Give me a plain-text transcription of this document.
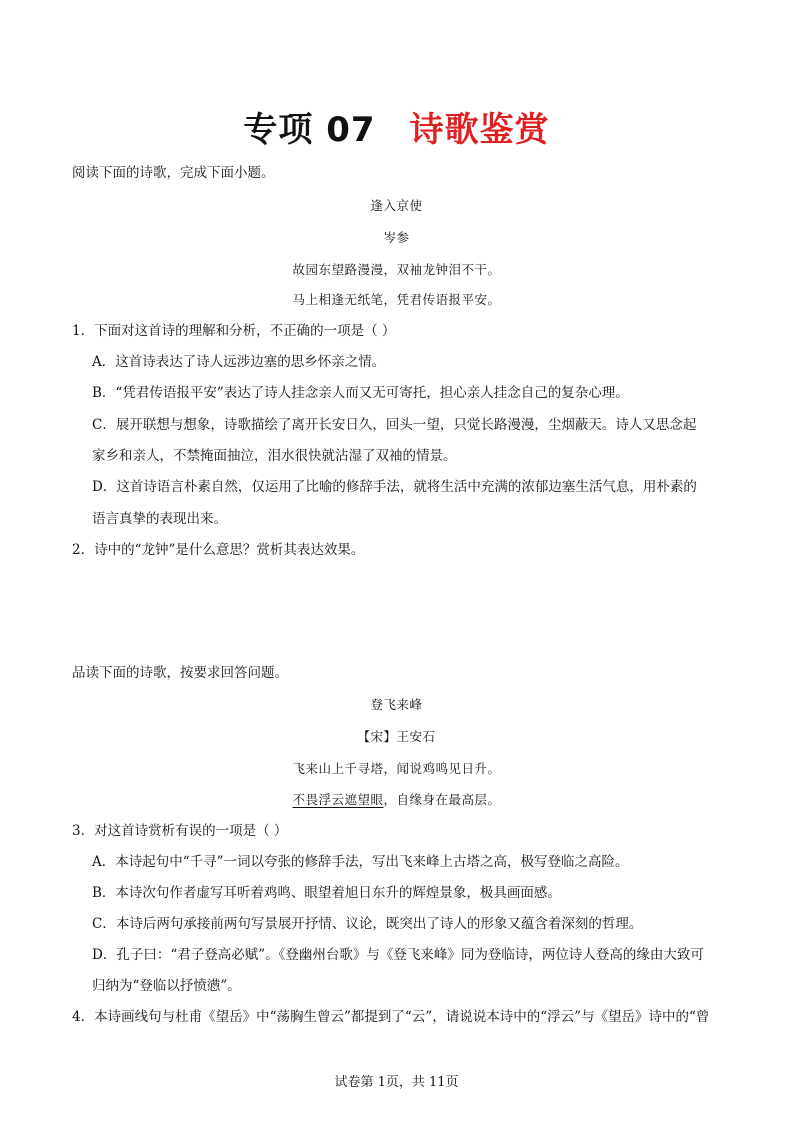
专项 07 诗歌鉴赏
阅读下面的诗歌，完成下面小题。
逢入京使
岑参
故园东望路漫漫，双袖龙钟泪不干。
马上相逢无纸笔，凭君传语报平安。
1．下面对这首诗的理解和分析，不正确的一项是（ ）
A．这首诗表达了诗人远涉边塞的思乡怀亲之情。
B．“凭君传语报平安”表达了诗人挂念亲人而又无可寄托，担心亲人挂念自己的复杂心理。
C．展开联想与想象，诗歌描绘了离开长安日久，回头一望，只觉长路漫漫，尘烟蔽天。诗人又思念起
家乡和亲人，不禁掩面抽泣，泪水很快就沾湿了双袖的情景。
D．这首诗语言朴素自然，仅运用了比喻的修辞手法，就将生活中充满的浓郁边塞生活气息，用朴素的
语言真挚的表现出来。
2．诗中的“龙钟”是什么意思？赏析其表达效果。
品读下面的诗歌，按要求回答问题。
登飞来峰
【宋】王安石
飞来山上千寻塔，闻说鸡鸣见日升。
不畏浮云遮望眼，自缘身在最高层。
3．对这首诗赏析有误的一项是（ ）
A．本诗起句中“千寻”一词以夸张的修辞手法，写出飞来峰上古塔之高，极写登临之高险。
B．本诗次句作者虚写耳听着鸡鸣、眼望着旭日东升的辉煌景象，极具画面感。
C．本诗后两句承接前两句写景展开抒情、议论，既突出了诗人的形象又蕴含着深刻的哲理。
D．孔子曰：“君子登高必赋”。《登幽州台歌》与《登飞来峰》同为登临诗，两位诗人登高的缘由大致可
归纳为“登临以抒愤懑”。
4．本诗画线句与杜甫《望岳》中“荡胸生曾云”都提到了“云”，请说说本诗中的“浮云”与《望岳》诗中的“曾
试卷第 1页，共 11页
